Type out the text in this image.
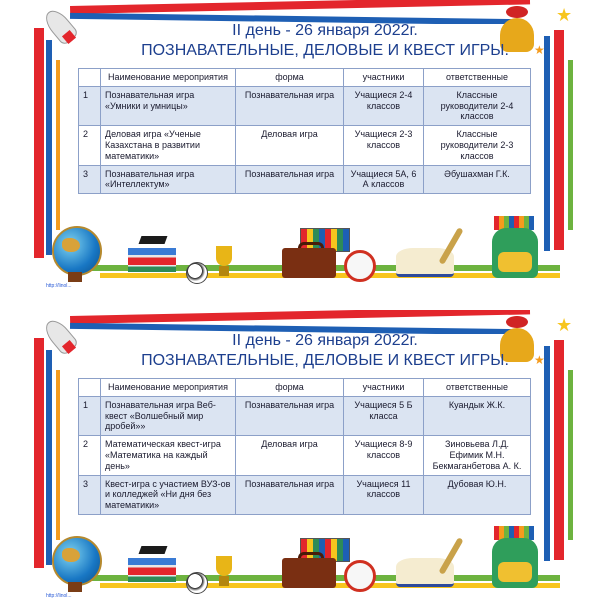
★
★
II день - 26 января 2022г.
ПОЗНАВАТЕЛЬНЫЕ, ДЕЛОВЫЕ И КВЕСТ ИГРЫ.
	Наименование мероприятия	форма	участники	ответственные
1	Познавательная игра «Умники и умницы»	Познавательная игра	Учащиеся 2-4 классов	Классные руководители 2-4 классов
2	Деловая игра «Ученые Казахстана в развитии математики»	Деловая игра	Учащиеся 2-3 классов	Классные руководители 2-3 классов
3	Познавательная игра «Интеллектум»	Познавательная игра	Учащиеся 5А, 6 А классов	Әбушахман Г.К.
http://linol...
★
★
II день - 26 января 2022г.
ПОЗНАВАТЕЛЬНЫЕ, ДЕЛОВЫЕ И КВЕСТ ИГРЫ.
	Наименование мероприятия	форма	участники	ответственные
1	Познавательная игра Веб-квест «Волшебный мир дробей»»	Познавательная игра	Учащиеся 5 Б класса	Куандык Ж.К.
2	Математическая квест-игра «Математика на каждый день»	Деловая игра	Учащиеся 8-9 классов	Зиновьева Л.Д. Ефимик М.Н. Бекмаганбетова А. К.
3	Квест-игра с участием ВУЗ-ов и колледжей «Ни дня без математики»	Познавательная игра	Учащиеся 11 классов	Дубовая Ю.Н.
http://linol...
